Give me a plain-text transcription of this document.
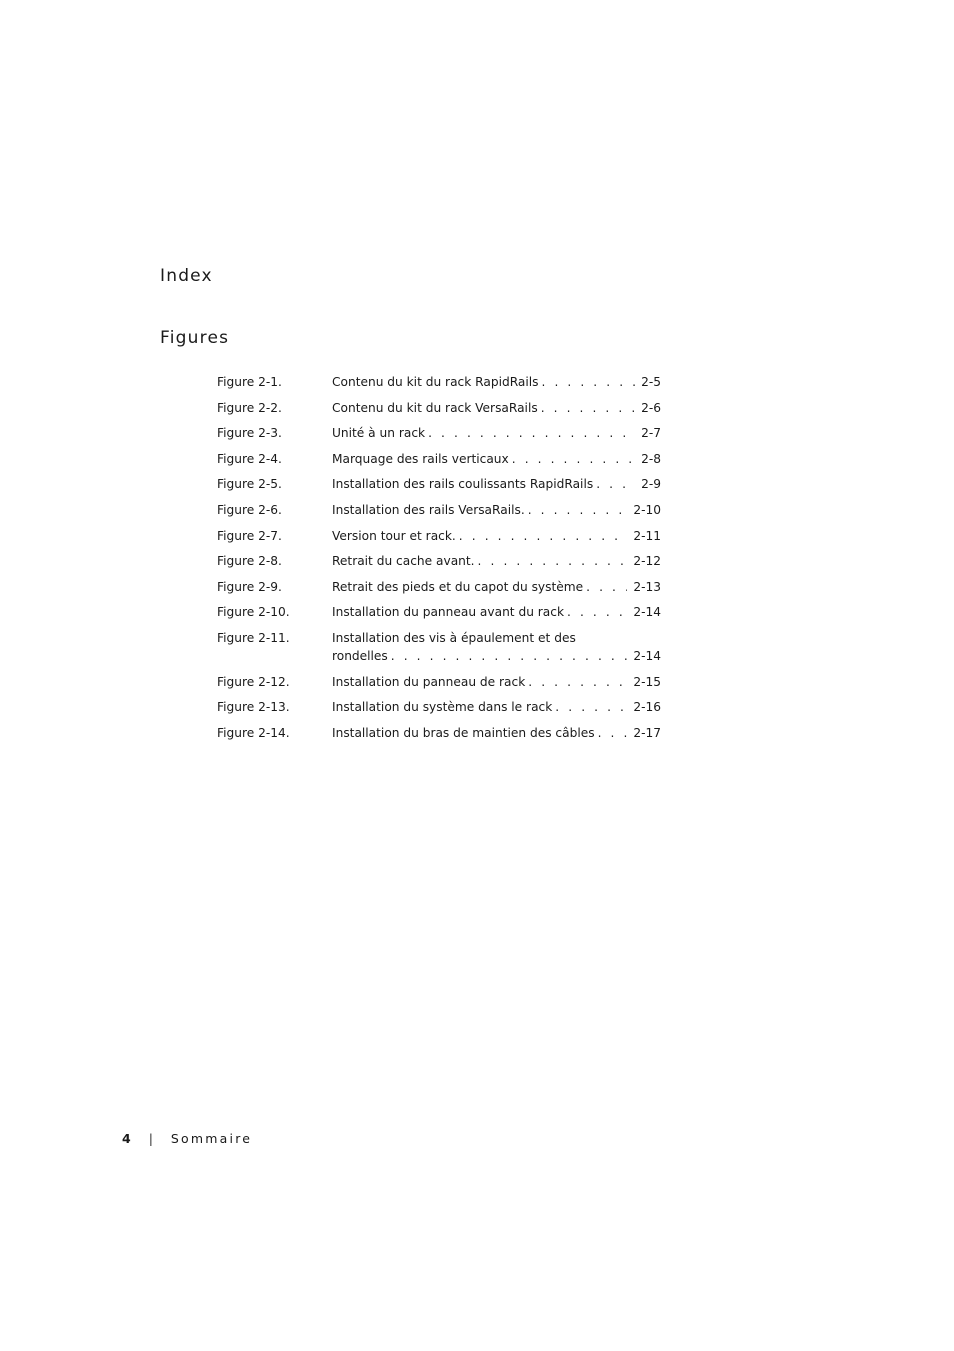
Index
Figures
Figure 2-1.	Contenu du kit du rack RapidRails . . .	2-5
Figure 2-2.	Contenu du kit du rack VersaRails . . .	2-6
Figure 2-3.	Unité à un rack . . .	2-7
Figure 2-4.	Marquage des rails verticaux . . .	2-8
Figure 2-5.	Installation des rails coulissants RapidRails . . .	2-9
Figure 2-6.	Installation des rails VersaRails. . . .	2-10
Figure 2-7.	Version tour et rack. . . .	2-11
Figure 2-8.	Retrait du cache avant. . . .	2-12
Figure 2-9.	Retrait des pieds et du capot du système . . .	2-13
Figure 2-10.	Installation du panneau avant du rack . . .	2-14
Figure 2-11.	Installation des vis à épaulement et des
rondelles . . .	2-14
Figure 2-12.	Installation du panneau de rack . . .	2-15
Figure 2-13.	Installation du système dans le rack . . .	2-16
Figure 2-14.	Installation du bras de maintien des câbles . . .	2-17
4 | Sommaire
